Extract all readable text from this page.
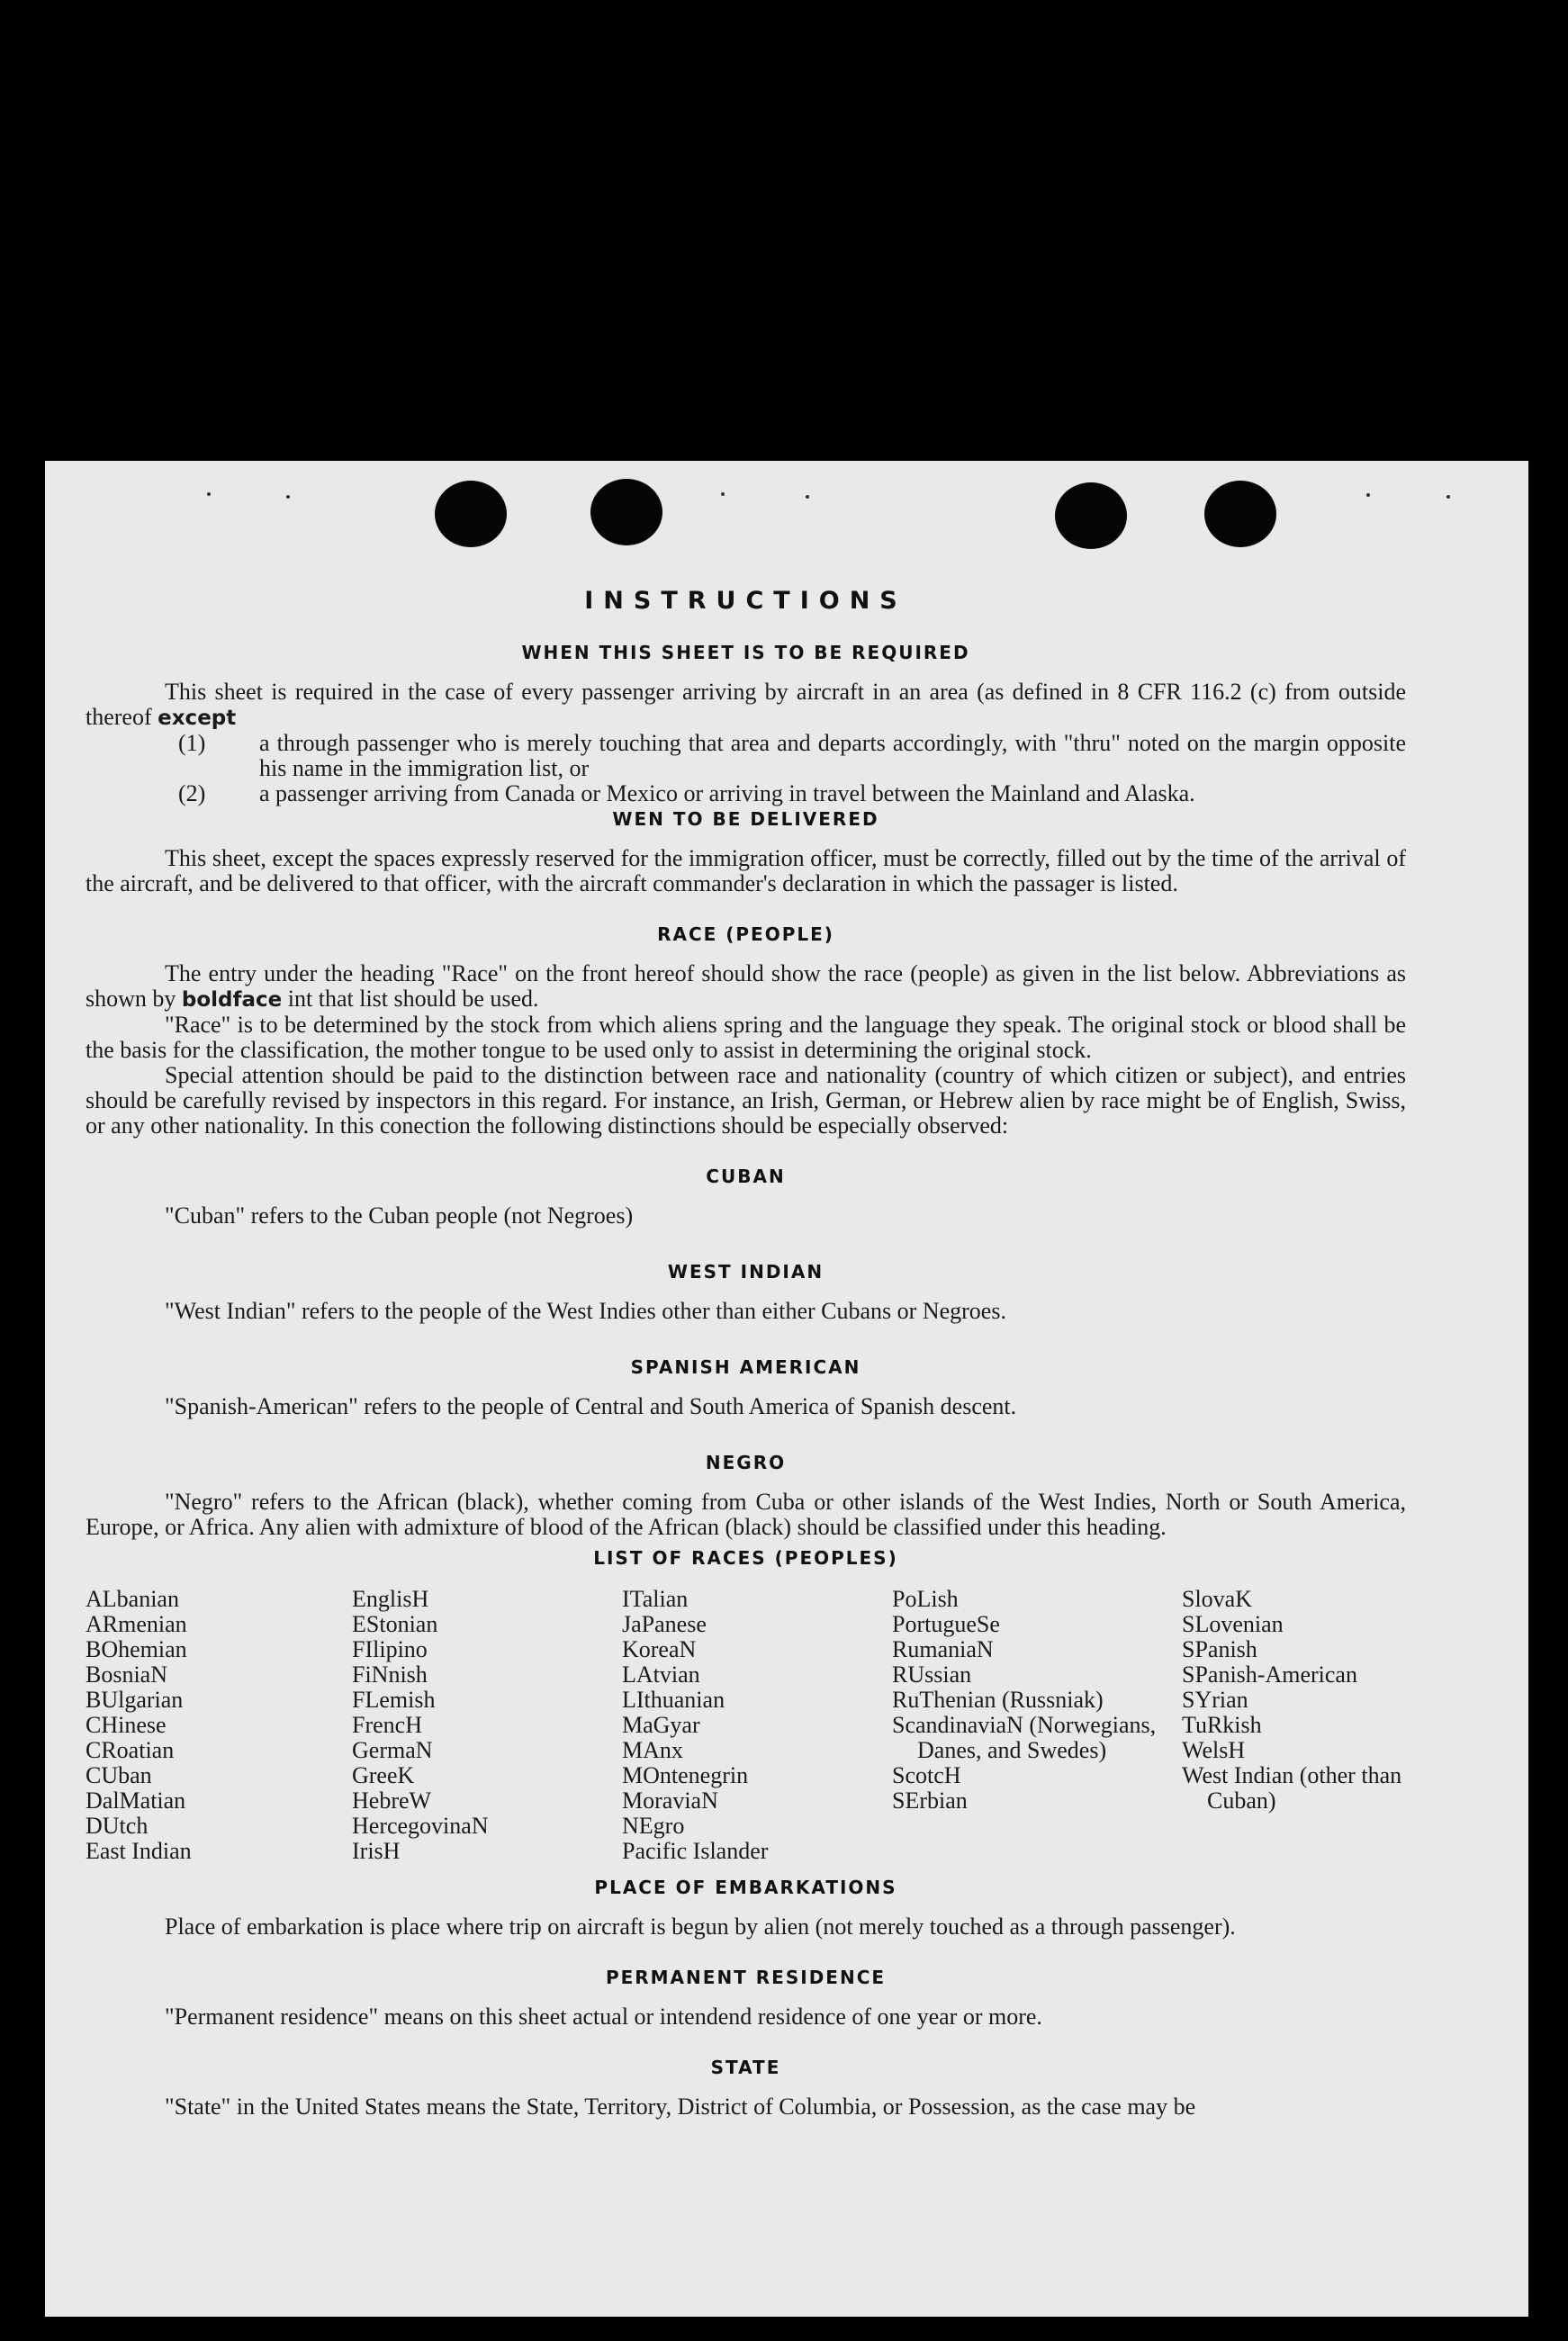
INSTRUCTIONS
WHEN THIS SHEET IS TO BE REQUIRED

This sheet is required in the case of every passenger arriving by aircraft in an area (as defined in 8 CFR 116.2 (c) from outside thereof except

(1) a through passenger who is merely touching that area and departs accordingly, with "thru" noted on the margin opposite his name in the immigration list, or
(2) a passenger arriving from Canada or Mexico or arriving in travel between the Mainland and Alaska.
WEN TO BE DELIVERED

This sheet, except the spaces expressly reserved for the immigration officer, must be correctly, filled out by the time of the arrival of the aircraft, and be delivered to that officer, with the aircraft commander's declaration in which the passager is listed.

RACE (PEOPLE)

The entry under the heading "Race" on the front hereof should show the race (people) as given in the list below. Abbreviations as shown by boldface int that list should be used.

"Race" is to be determined by the stock from which aliens spring and the language they speak. The original stock or blood shall be the basis for the classification, the mother tongue to be used only to assist in determining the original stock.

Special attention should be paid to the distinction between race and nationality (country of which citizen or subject), and entries should be carefully revised by inspectors in this regard. For instance, an Irish, German, or Hebrew alien by race might be of English, Swiss, or any other nationality. In this conection the following distinctions should be especially observed:

CUBAN

"Cuban" refers to the Cuban people (not Negroes)

WEST INDIAN

"West Indian" refers to the people of the West Indies other than either Cubans or Negroes.

SPANISH AMERICAN

"Spanish-American" refers to the people of Central and South America of Spanish descent.

NEGRO

"Negro" refers to the African (black), whether coming from Cuba or other islands of the West Indies, North or South America, Europe, or Africa. Any alien with admixture of blood of the African (black) should be classified under this heading.

LIST OF RACES (PEOPLES)
ALbanian
ARmenian
BOhemian
BosniaN
BUlgarian
CHinese
CRoatian
CUban
DalMatian
DUtch
East Indian
EnglisH
EStonian
FIlipino
FiNnish
FLemish
FrencH
GermaN
GreeK
HebreW
HercegovinaN
IrisH
ITalian
JaPanese
KoreaN
LAtvian
LIthuanian
MaGyar
MAnx
MOntenegrin
MoraviaN
NEgro
Pacific Islander
PoLish
PortugueSe
RumaniaN
RUssian
RuThenian (Russniak)
ScandinaviaN (Norwegians, Danes, and Swedes)
ScotcH
SErbian
SlovaK
SLovenian
SPanish
SPanish-American
SYrian
TuRkish
WelsH
West Indian (other than Cuban)
PLACE OF EMBARKATIONS

Place of embarkation is place where trip on aircraft is begun by alien (not merely touched as a through passenger).

PERMANENT RESIDENCE

"Permanent residence" means on this sheet actual or intendend residence of one year or more.

STATE

"State" in the United States means the State, Territory, District of Columbia, or Possession, as the case may be
